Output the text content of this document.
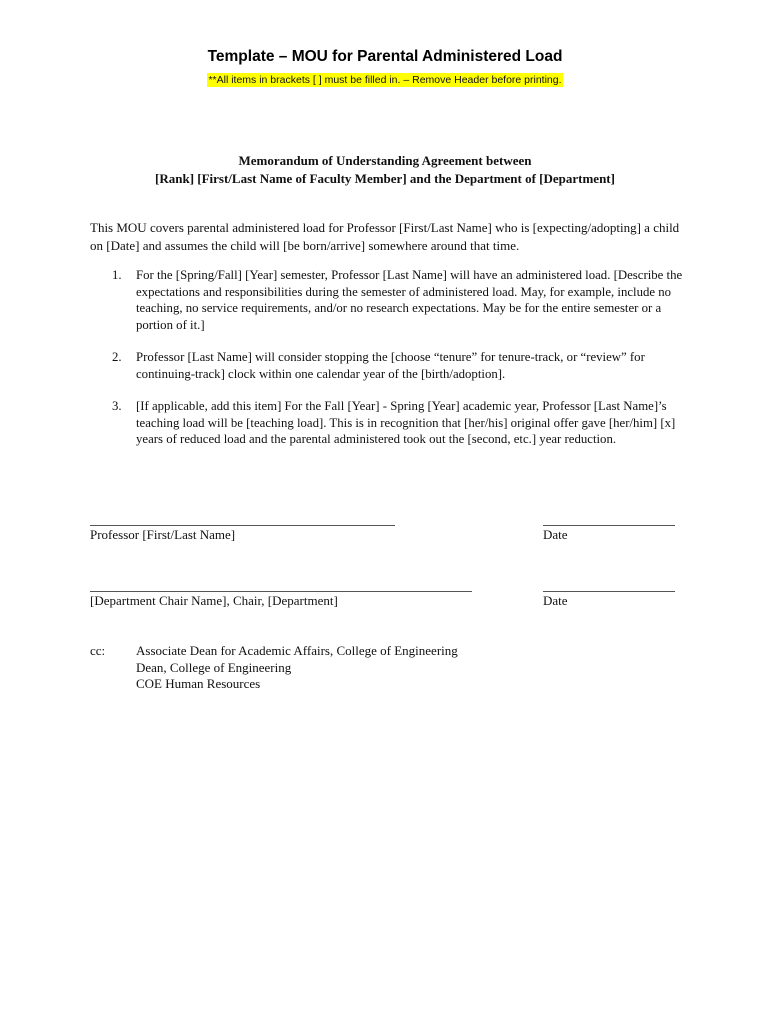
Template – MOU for Parental Administered Load
**All items in brackets [ ] must be filled in. – Remove Header before printing.
Memorandum of Understanding Agreement between
[Rank] [First/Last Name of Faculty Member] and the Department of [Department]

This MOU covers parental administered load for Professor [First/Last Name] who is [expecting/adopting] a child on [Date] and assumes the child will [be born/arrive] somewhere around that time.

1. For the [Spring/Fall] [Year] semester, Professor [Last Name] will have an administered load. [Describe the expectations and responsibilities during the semester of administered load. May, for example, include no teaching, no service requirements, and/or no research expectations. May be for the entire semester or a portion of it.]
2. Professor [Last Name] will consider stopping the [choose “tenure” for tenure-track, or “review” for continuing-track] clock within one calendar year of the [birth/adoption].
3. [If applicable, add this item] For the Fall [Year] - Spring [Year] academic year, Professor [Last Name]’s teaching load will be [teaching load]. This is in recognition that [her/his] original offer gave [her/him] [x] years of reduced load and the parental administered took out the [second, etc.] year reduction.
Professor [First/Last Name]	Date
[Department Chair Name], Chair, [Department]	Date
cc: Associate Dean for Academic Affairs, College of Engineering
Dean, College of Engineering
COE Human Resources
